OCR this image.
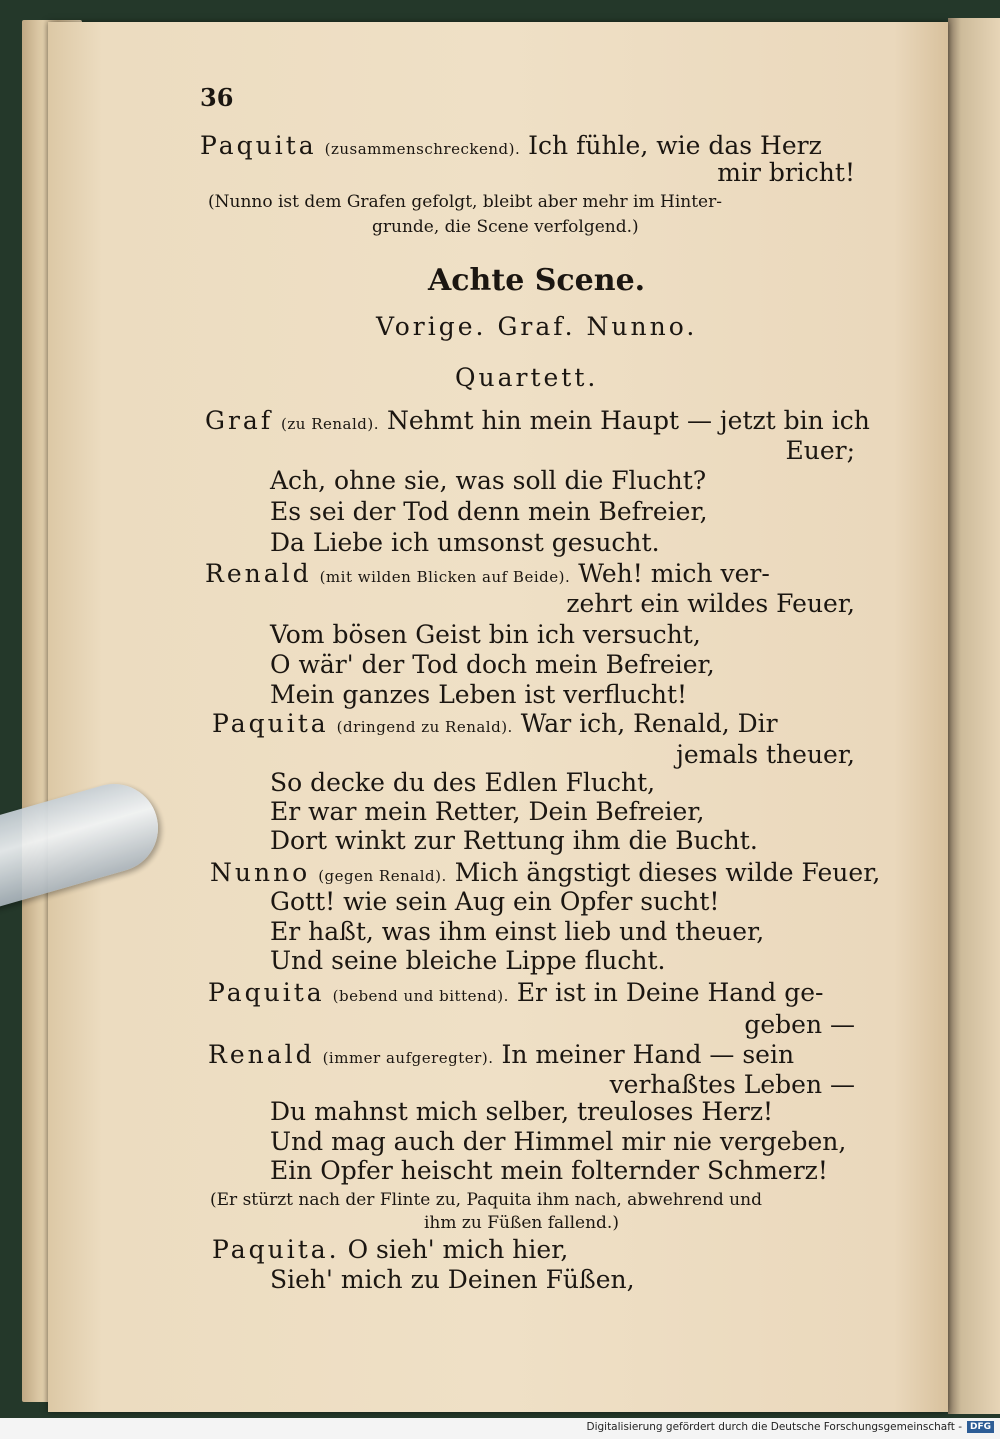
36
Paquita (zusammenschreckend). Ich fühle, wie das Herz
mir bricht!
(Nunno ist dem Grafen gefolgt, bleibt aber mehr im Hinter-
grunde, die Scene verfolgend.)
Achte Scene.
Vorige. Graf. Nunno.
Quartett.
Graf (zu Renald). Nehmt hin mein Haupt — jetzt bin ich
Euer;
Ach, ohne sie, was soll die Flucht?
Es sei der Tod denn mein Befreier,
Da Liebe ich umsonst gesucht.
Renald (mit wilden Blicken auf Beide). Weh! mich ver-
zehrt ein wildes Feuer,
Vom bösen Geist bin ich versucht,
O wär' der Tod doch mein Befreier,
Mein ganzes Leben ist verflucht!
Paquita (dringend zu Renald). War ich, Renald, Dir
jemals theuer,
So decke du des Edlen Flucht,
Er war mein Retter, Dein Befreier,
Dort winkt zur Rettung ihm die Bucht.
Nunno (gegen Renald). Mich ängstigt dieses wilde Feuer,
Gott! wie sein Aug ein Opfer sucht!
Er haßt, was ihm einst lieb und theuer,
Und seine bleiche Lippe flucht.
Paquita (bebend und bittend). Er ist in Deine Hand ge-
geben —
Renald (immer aufgeregter). In meiner Hand — sein
verhaßtes Leben —
Du mahnst mich selber, treuloses Herz!
Und mag auch der Himmel mir nie vergeben,
Ein Opfer heischt mein folternder Schmerz!
(Er stürzt nach der Flinte zu, Paquita ihm nach, abwehrend und
ihm zu Füßen fallend.)
Paquita. O sieh' mich hier,
Sieh' mich zu Deinen Füßen,
Digitalisierung gefördert durch die Deutsche Forschungsgemeinschaft - DFG
